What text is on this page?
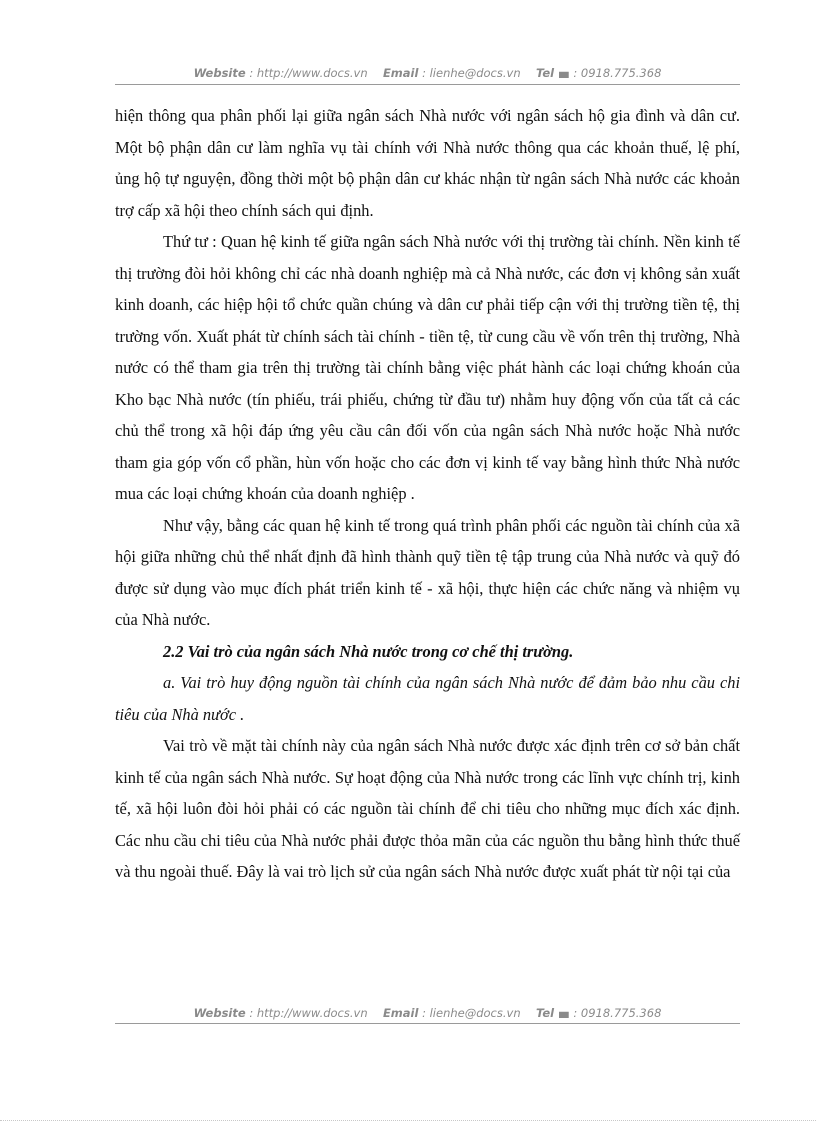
Website : http://www.docs.vn Email : lienhe@docs.vn Tel : 0918.775.368

hiện thông qua phân phối lại giữa ngân sách Nhà nước với ngân sách hộ gia đình và dân cư. Một bộ phận dân cư làm nghĩa vụ tài chính với Nhà nước thông qua các khoản thuế, lệ phí, ủng hộ tự nguyện, đồng thời một bộ phận dân cư khác nhận từ ngân sách Nhà nước các khoản trợ cấp xã hội theo chính sách qui định.

Thứ tư : Quan hệ kinh tế giữa ngân sách Nhà nước với thị trường tài chính. Nền kinh tế thị trường đòi hỏi không chỉ các nhà doanh nghiệp mà cả Nhà nước, các đơn vị không sản xuất kinh doanh, các hiệp hội tổ chức quần chúng và dân cư phải tiếp cận với thị trường tiền tệ, thị trường vốn. Xuất phát từ chính sách tài chính - tiền tệ, từ cung cầu về vốn trên thị trường, Nhà nước có thể tham gia trên thị trường tài chính bằng việc phát hành các loại chứng khoán của Kho bạc Nhà nước (tín phiếu, trái phiếu, chứng từ đầu tư) nhằm huy động vốn của tất cả các chủ thể trong xã hội đáp ứng yêu cầu cân đối vốn của ngân sách Nhà nước hoặc Nhà nước tham gia góp vốn cổ phần, hùn vốn hoặc cho các đơn vị kinh tế vay bằng hình thức Nhà nước mua các loại chứng khoán của doanh nghiệp .

Như vậy, bằng các quan hệ kinh tế trong quá trình phân phối các nguồn tài chính của xã hội giữa những chủ thể nhất định đã hình thành quỹ tiền tệ tập trung của Nhà nước và quỹ đó được sử dụng vào mục đích phát triển kinh tế - xã hội, thực hiện các chức năng và nhiệm vụ của Nhà nước.

2.2 Vai trò của ngân sách Nhà nước trong cơ chế thị trường.

a. Vai trò huy động nguồn tài chính của ngân sách Nhà nước để đảm bảo nhu cầu chi tiêu của Nhà nước .

Vai trò về mặt tài chính này của ngân sách Nhà nước được xác định trên cơ sở bản chất kinh tế của ngân sách Nhà nước. Sự hoạt động của Nhà nước trong các lĩnh vực chính trị, kinh tế, xã hội luôn đòi hỏi phải có các nguồn tài chính để chi tiêu cho những mục đích xác định. Các nhu cầu chi tiêu của Nhà nước phải được thỏa mãn của các nguồn thu bằng hình thức thuế và thu ngoài thuế. Đây là vai trò lịch sử của ngân sách Nhà nước được xuất phát từ nội tại của

Website : http://www.docs.vn Email : lienhe@docs.vn Tel : 0918.775.368
